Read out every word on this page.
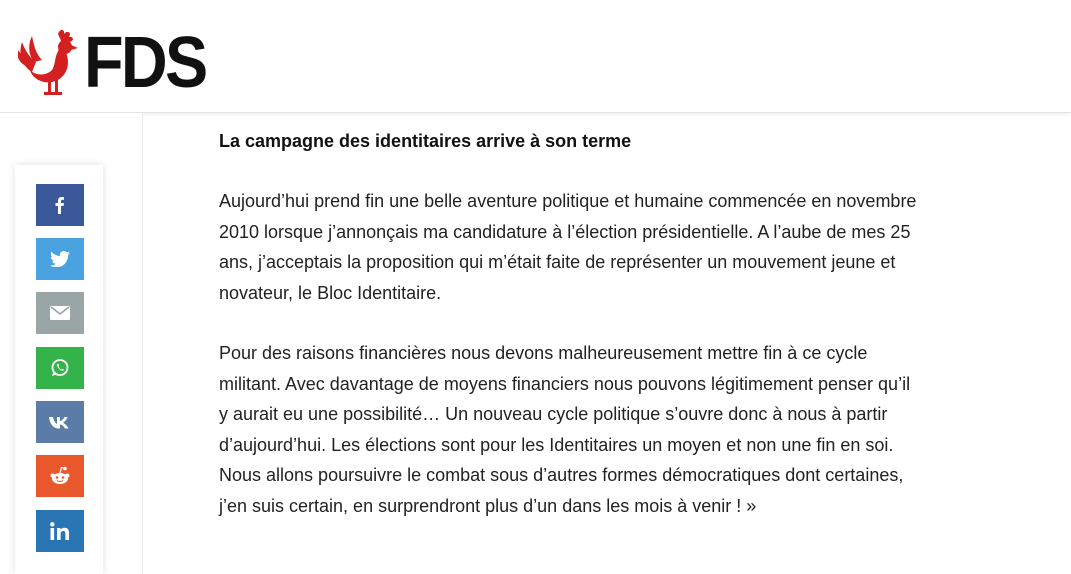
FDS
La campagne des identitaires arrive à son terme

Aujourd’hui prend fin une belle aventure politique et humaine commencée en novembre
2010 lorsque j’annonçais ma candidature à l’élection présidentielle. A l’aube de mes 25
ans, j’acceptais la proposition qui m’était faite de représenter un mouvement jeune et
novateur, le Bloc Identitaire.

Pour des raisons financières nous devons malheureusement mettre fin à ce cycle
militant. Avec davantage de moyens financiers nous pouvons légitimement penser qu’il
y aurait eu une possibilité… Un nouveau cycle politique s’ouvre donc à nous à partir
d’aujourd’hui. Les élections sont pour les Identitaires un moyen et non une fin en soi.
Nous allons poursuivre le combat sous d’autres formes démocratiques dont certaines,
j’en suis certain, en surprendront plus d’un dans les mois à venir ! »
